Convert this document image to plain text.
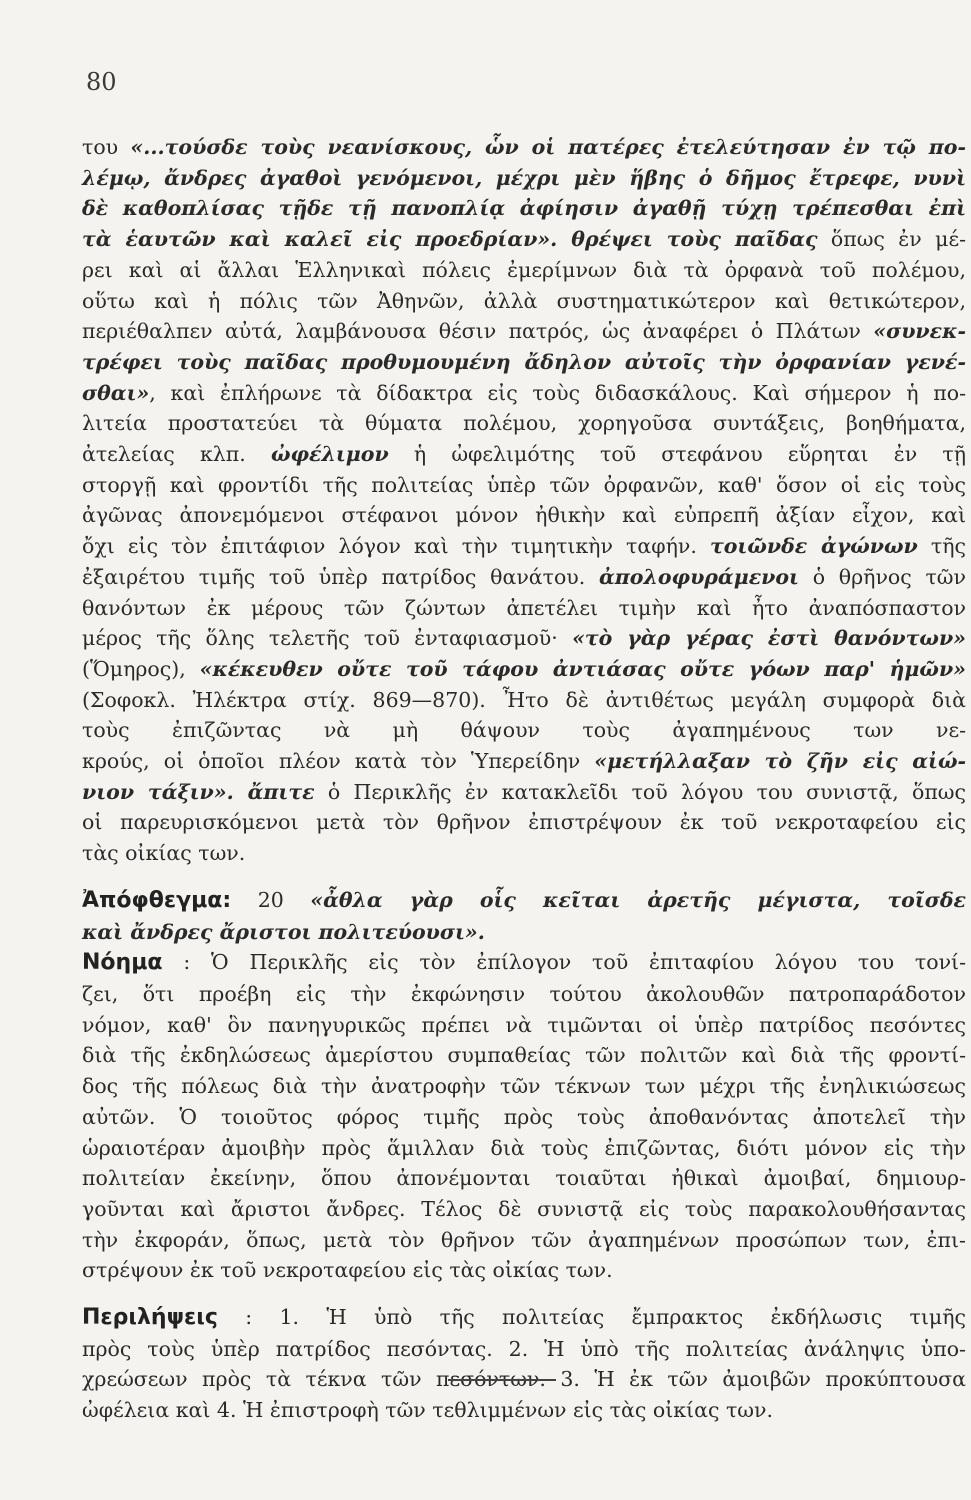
80
του «...τούσδε τοὺς νεανίσκους, ὧν οἱ πατέρες ἐτελεύτησαν ἐν τῷ πο-
λέμῳ, ἄνδρες ἀγαθοὶ γενόμενοι, μέχρι μὲν ἥβης ὁ δῆμος ἔτρεφε, νυνὶ
δὲ καθοπλίσας τῇδε τῇ πανοπλίᾳ ἀφίησιν ἀγαθῇ τύχῃ τρέπεσθαι ἐπὶ
τὰ ἑαυτῶν καὶ καλεῖ εἰς προεδρίαν». θρέψει τοὺς παῖδας ὅπως ἐν μέ-
ρει καὶ αἱ ἄλλαι Ἑλληνικαὶ πόλεις ἐμερίμνων διὰ τὰ ὀρφανὰ τοῦ πολέμου,
οὕτω καὶ ἡ πόλις τῶν Ἀθηνῶν, ἀλλὰ συστηματικώτερον καὶ θετικώτερον,
περιέθαλπεν αὐτά, λαμβάνουσα θέσιν πατρός, ὡς ἀναφέρει ὁ Πλάτων «συνεκ-
τρέφει τοὺς παῖδας προθυμουμένη ἄδηλον αὐτοῖς τὴν ὀρφανίαν γενέ-
σθαι», καὶ ἐπλήρωνε τὰ δίδακτρα εἰς τοὺς διδασκάλους. Καὶ σήμερον ἡ πο-
λιτεία προστατεύει τὰ θύματα πολέμου, χορηγοῦσα συντάξεις, βοηθήματα,
ἀτελείας κλπ. ὠφέλιμον ἡ ὠφελιμότης τοῦ στεφάνου εὕρηται ἐν τῇ
στοργῇ καὶ φροντίδι τῆς πολιτείας ὑπὲρ τῶν ὀρφανῶν, καθ' ὅσον οἱ εἰς τοὺς
ἀγῶνας ἀπονεμόμενοι στέφανοι μόνον ἠθικὴν καὶ εὐπρεπῆ ἀξίαν εἶχον, καὶ
ὄχι εἰς τὸν ἐπιτάφιον λόγον καὶ τὴν τιμητικὴν ταφήν. τοιῶνδε ἀγώνων τῆς
ἐξαιρέτου τιμῆς τοῦ ὑπὲρ πατρίδος θανάτου. ἀπολοφυράμενοι ὁ θρῆνος τῶν
θανόντων ἐκ μέρους τῶν ζώντων ἀπετέλει τιμὴν καὶ ἦτο ἀναπόσπαστον
μέρος τῆς ὅλης τελετῆς τοῦ ἐνταφιασμοῦ· «τὸ γὰρ γέρας ἐστὶ θανόντων»
(Ὅμηρος), «κέκευθεν οὔτε τοῦ τάφου ἀντιάσας οὔτε γόων παρ' ἡμῶν»
(Σοφοκλ. Ἠλέκτρα στίχ. 869—870). Ἦτο δὲ ἀντιθέτως μεγάλη συμφορὰ διὰ
τοὺς ἐπιζῶντας νὰ μὴ θάψουν τοὺς ἀγαπημένους των νε-
κρούς, οἱ ὁποῖοι πλέον κατὰ τὸν Ὑπερείδην «μετήλλαξαν τὸ ζῆν εἰς αἰώ-
νιον τάξιν». ἄπιτε ὁ Περικλῆς ἐν κατακλεῖδι τοῦ λόγου του συνιστᾷ, ὅπως
οἱ παρευρισκόμενοι μετὰ τὸν θρῆνον ἐπιστρέψουν ἐκ τοῦ νεκροταφείου εἰς
τὰς οἰκίας των.
Ἀπόφθεγμα: 20 «ἆθλα γὰρ οἷς κεῖται ἀρετῆς μέγιστα, τοῖσδε
καὶ ἄνδρες ἄριστοι πολιτεύουσι».
Νόημα : Ὁ Περικλῆς εἰς τὸν ἐπίλογον τοῦ ἐπιταφίου λόγου του τονί-
ζει, ὅτι προέβη εἰς τὴν ἐκφώνησιν τούτου ἀκολουθῶν πατροπαράδοτον
νόμον, καθ' ὃν πανηγυρικῶς πρέπει νὰ τιμῶνται οἱ ὑπὲρ πατρίδος πεσόντες
διὰ τῆς ἐκδηλώσεως ἀμερίστου συμπαθείας τῶν πολιτῶν καὶ διὰ τῆς φροντί-
δος τῆς πόλεως διὰ τὴν ἀνατροφὴν τῶν τέκνων των μέχρι τῆς ἐνηλικιώσεως
αὐτῶν. Ὁ τοιοῦτος φόρος τιμῆς πρὸς τοὺς ἀποθανόντας ἀποτελεῖ τὴν
ὡραιοτέραν ἀμοιβὴν πρὸς ἅμιλλαν διὰ τοὺς ἐπιζῶντας, διότι μόνον εἰς τὴν
πολιτείαν ἐκείνην, ὅπου ἀπονέμονται τοιαῦται ἠθικαὶ ἀμοιβαί, δημιουρ-
γοῦνται καὶ ἄριστοι ἄνδρες. Τέλος δὲ συνιστᾷ εἰς τοὺς παρακολουθήσαντας
τὴν ἐκφοράν, ὅπως, μετὰ τὸν θρῆνον τῶν ἀγαπημένων προσώπων των, ἐπι-
στρέψουν ἐκ τοῦ νεκροταφείου εἰς τὰς οἰκίας των.
Περιλήψεις : 1. Ἡ ὑπὸ τῆς πολιτείας ἔμπρακτος ἐκδήλωσις τιμῆς
πρὸς τοὺς ὑπὲρ πατρίδος πεσόντας. 2. Ἡ ὑπὸ τῆς πολιτείας ἀνάληψις ὑπο-
χρεώσεων πρὸς τὰ τέκνα τῶν πεσόντων. 3. Ἡ ἐκ τῶν ἀμοιβῶν προκύπτουσα
ὠφέλεια καὶ 4. Ἡ ἐπιστροφὴ τῶν τεθλιμμένων εἰς τὰς οἰκίας των.
